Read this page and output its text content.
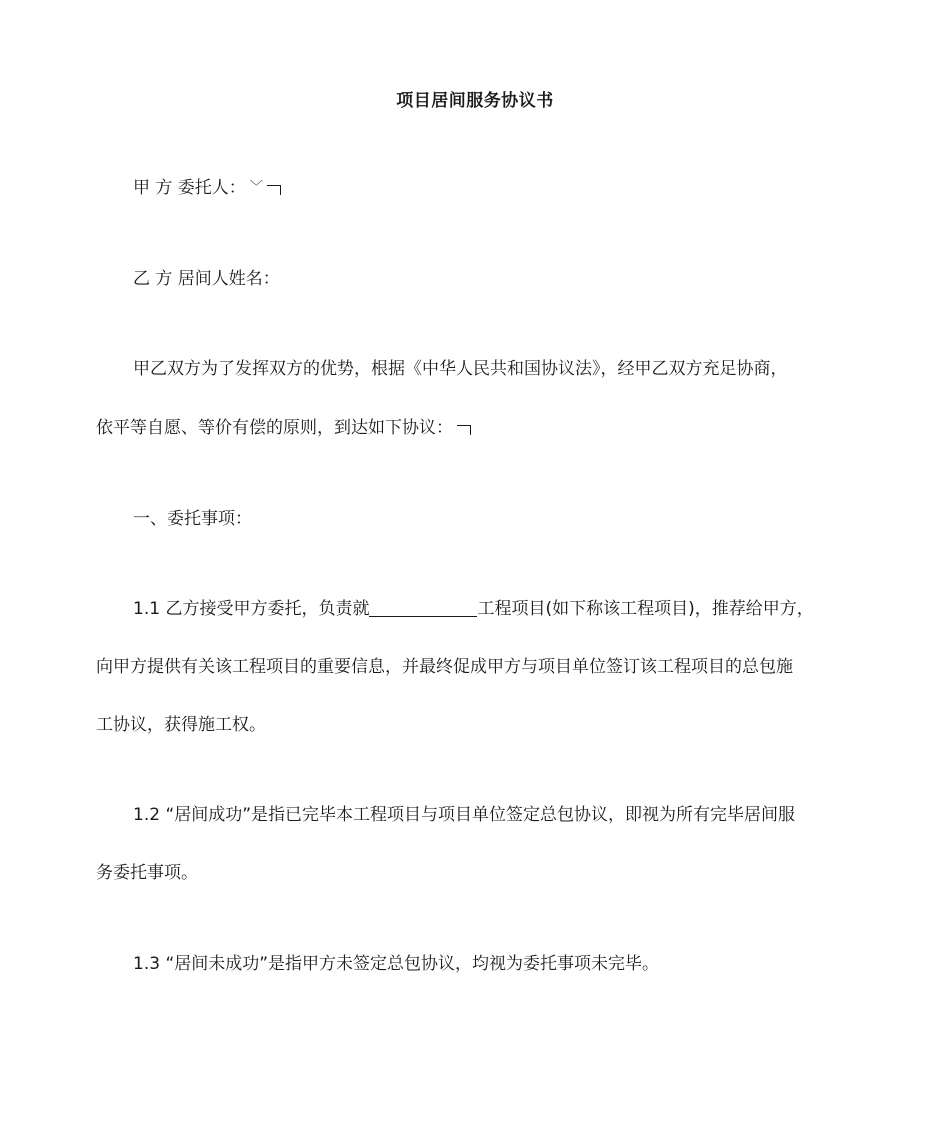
项目居间服务协议书
甲 方 委托人： ﹀
乙 方 居间人姓名：
甲乙双方为了发挥双方的优势，根据《中华人民共和国协议法》，经甲乙双方充足协商，
依平等自愿、等价有偿的原则，到达如下协议：
一、委托事项：
1.1 乙方接受甲方委托，负责就	工程项目(如下称该工程项目)，推荐给甲方，
向甲方提供有关该工程项目的重要信息，并最终促成甲方与项目单位签订该工程项目的总包施
工协议，获得施工权。
1.2 “居间成功”是指已完毕本工程项目与项目单位签定总包协议，即视为所有完毕居间服
务委托事项。
1.3 “居间未成功”是指甲方未签定总包协议，均视为委托事项未完毕。
